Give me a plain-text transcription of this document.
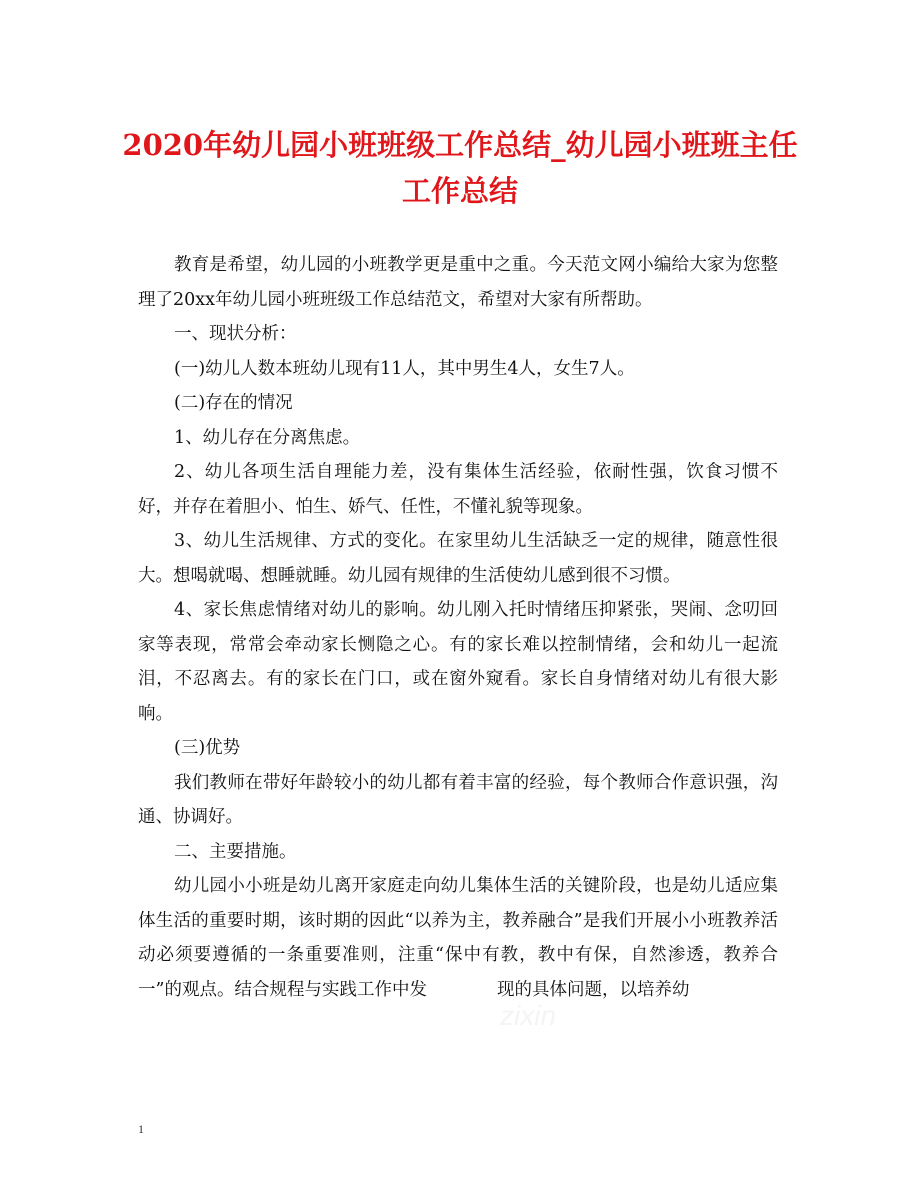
2020年幼儿园小班班级工作总结_幼儿园小班班主任工作总结

教育是希望，幼儿园的小班教学更是重中之重。今天范文网小编给大家为您整理了20xx年幼儿园小班班级工作总结范文，希望对大家有所帮助。

一、现状分析：

(一)幼儿人数本班幼儿现有11人，其中男生4人，女生7人。

(二)存在的情况

1、幼儿存在分离焦虑。

2、幼儿各项生活自理能力差，没有集体生活经验，依耐性强，饮食习惯不好，并存在着胆小、怕生、娇气、任性，不懂礼貌等现象。

3、幼儿生活规律、方式的变化。在家里幼儿生活缺乏一定的规律，随意性很大。想喝就喝、想睡就睡。幼儿园有规律的生活使幼儿感到很不习惯。

4、家长焦虑情绪对幼儿的影响。幼儿刚入托时情绪压抑紧张，哭闹、念叨回家等表现，常常会牵动家长恻隐之心。有的家长难以控制情绪，会和幼儿一起流泪，不忍离去。有的家长在门口，或在窗外窥看。家长自身情绪对幼儿有很大影响。

(三)优势

我们教师在带好年龄较小的幼儿都有着丰富的经验，每个教师合作意识强，沟通、协调好。

二、主要措施。

幼儿园小小班是幼儿离开家庭走向幼儿集体生活的关键阶段，也是幼儿适应集体生活的重要时期，该时期的因此“以养为主，教养融合”是我们开展小小班教养活动必须要遵循的一条重要准则，注重“保中有教，教中有保，自然渗透，教养合一”的观点。结合规程与实践工作中发　　　　现的具体问题，以培养幼

zixin
1
